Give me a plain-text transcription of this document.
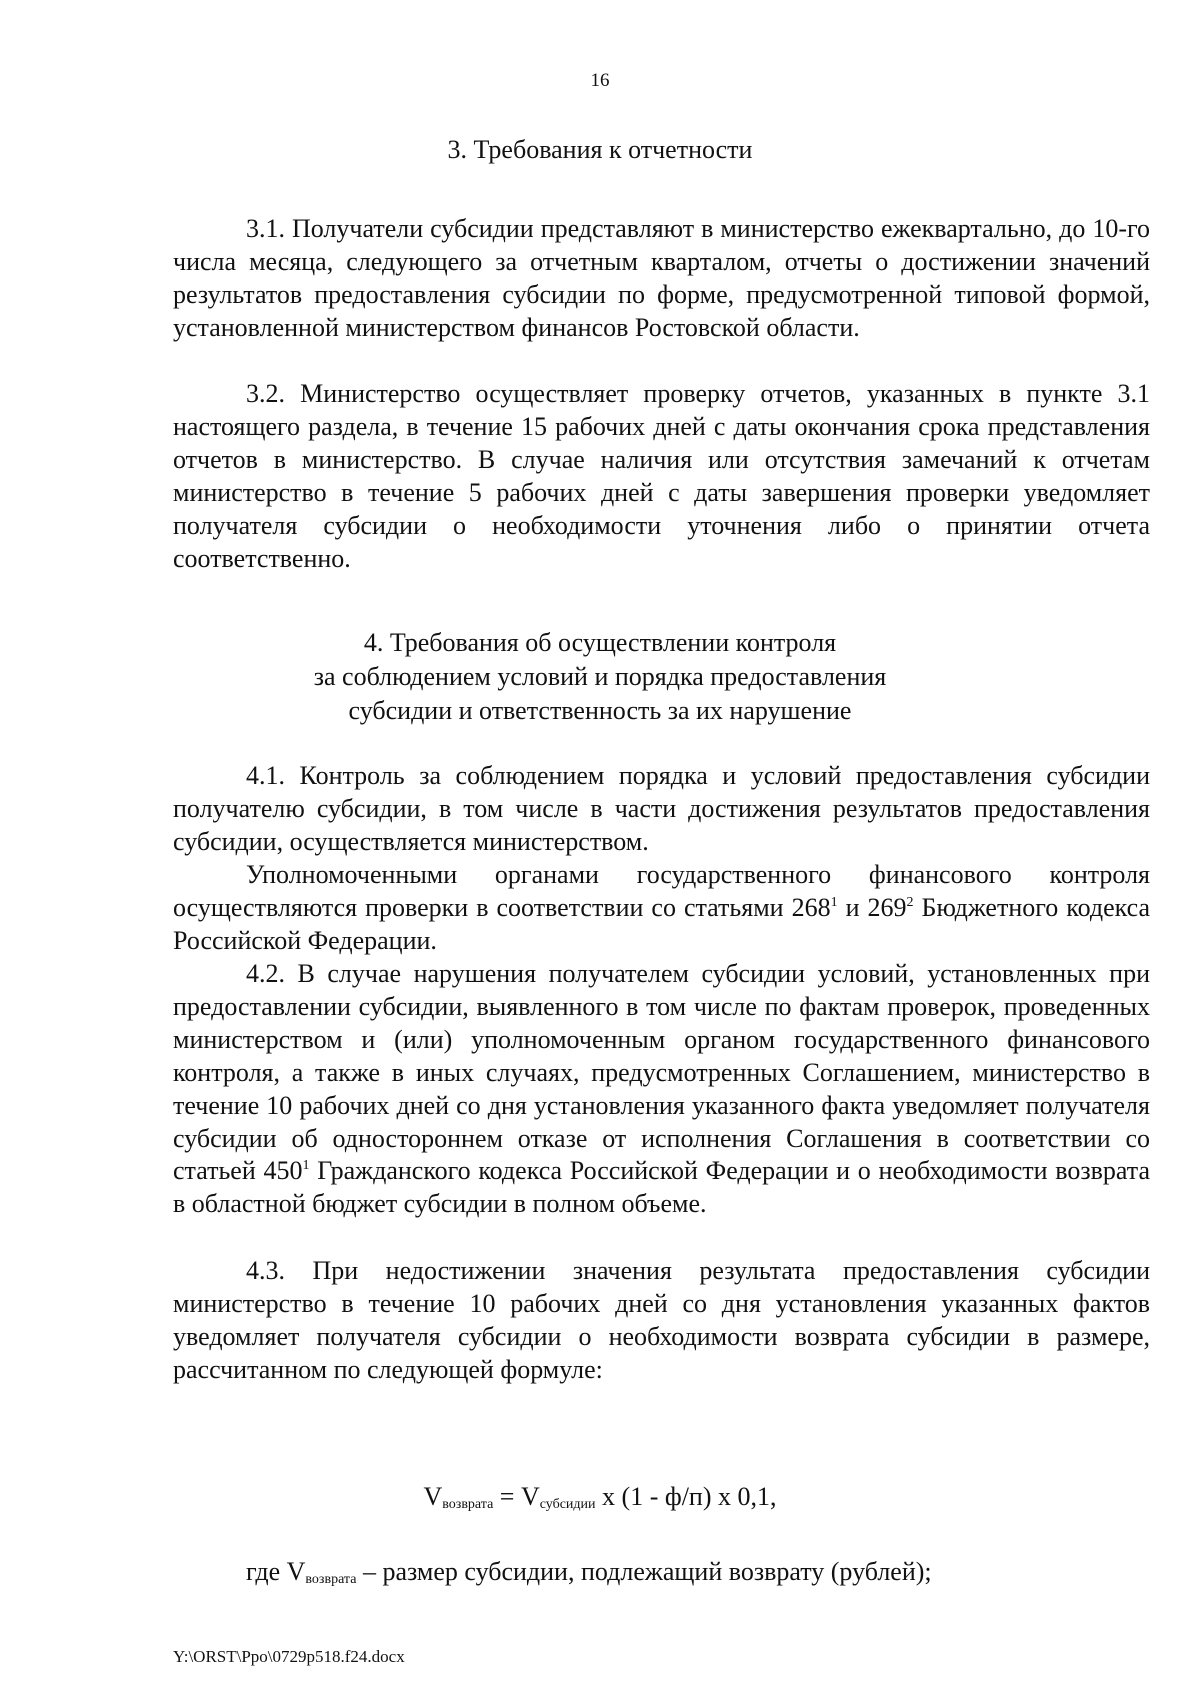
16
3. Требования к отчетности

3.1. Получатели субсидии представляют в министерство ежеквартально, до 10-го числа месяца, следующего за отчетным кварталом, отчеты о достижении значений результатов предоставления субсидии по форме, предусмотренной типовой формой, установленной министерством финансов Ростовской области.

3.2. Министерство осуществляет проверку отчетов, указанных в пункте 3.1 настоящего раздела, в течение 15 рабочих дней с даты окончания срока представления отчетов в министерство. В случае наличия или отсутствия замечаний к отчетам министерство в течение 5 рабочих дней с даты завершения проверки уведомляет получателя субсидии о необходимости уточнения либо о принятии отчета соответственно.

4. Требования об осуществлении контроля
за соблюдением условий и порядка предоставления
субсидии и ответственность за их нарушение

4.1. Контроль за соблюдением порядка и условий предоставления субсидии получателю субсидии, в том числе в части достижения результатов предоставления субсидии, осуществляется министерством.

Уполномоченными органами государственного финансового контроля осуществляются проверки в соответствии со статьями $268^1$ и $269^2$ Бюджетного кодекса Российской Федерации.

4.2. В случае нарушения получателем субсидии условий, установленных при предоставлении субсидии, выявленного в том числе по фактам проверок, проведенных министерством и (или) уполномоченным органом государственного финансового контроля, а также в иных случаях, предусмотренных Соглашением, министерство в течение 10 рабочих дней со дня установления указанного факта уведомляет получателя субсидии об одностороннем отказе от исполнения Соглашения в соответствии со статьей $450^1$ Гражданского кодекса Российской Федерации и о необходимости возврата в областной бюджет субсидии в полном объеме.

4.3. При недостижении значения результата предоставления субсидии министерство в течение 10 рабочих дней со дня установления указанных фактов уведомляет получателя субсидии о необходимости возврата субсидии в размере, рассчитанном по следующей формуле:

$V_{возврата} = V_{субсидии}$ х (1 - ф/п) х 0,1,
где $V_{возврата}$ – размер субсидии, подлежащий возврату (рублей);
Y:\ORST\Ppo\0729p518.f24.docx
